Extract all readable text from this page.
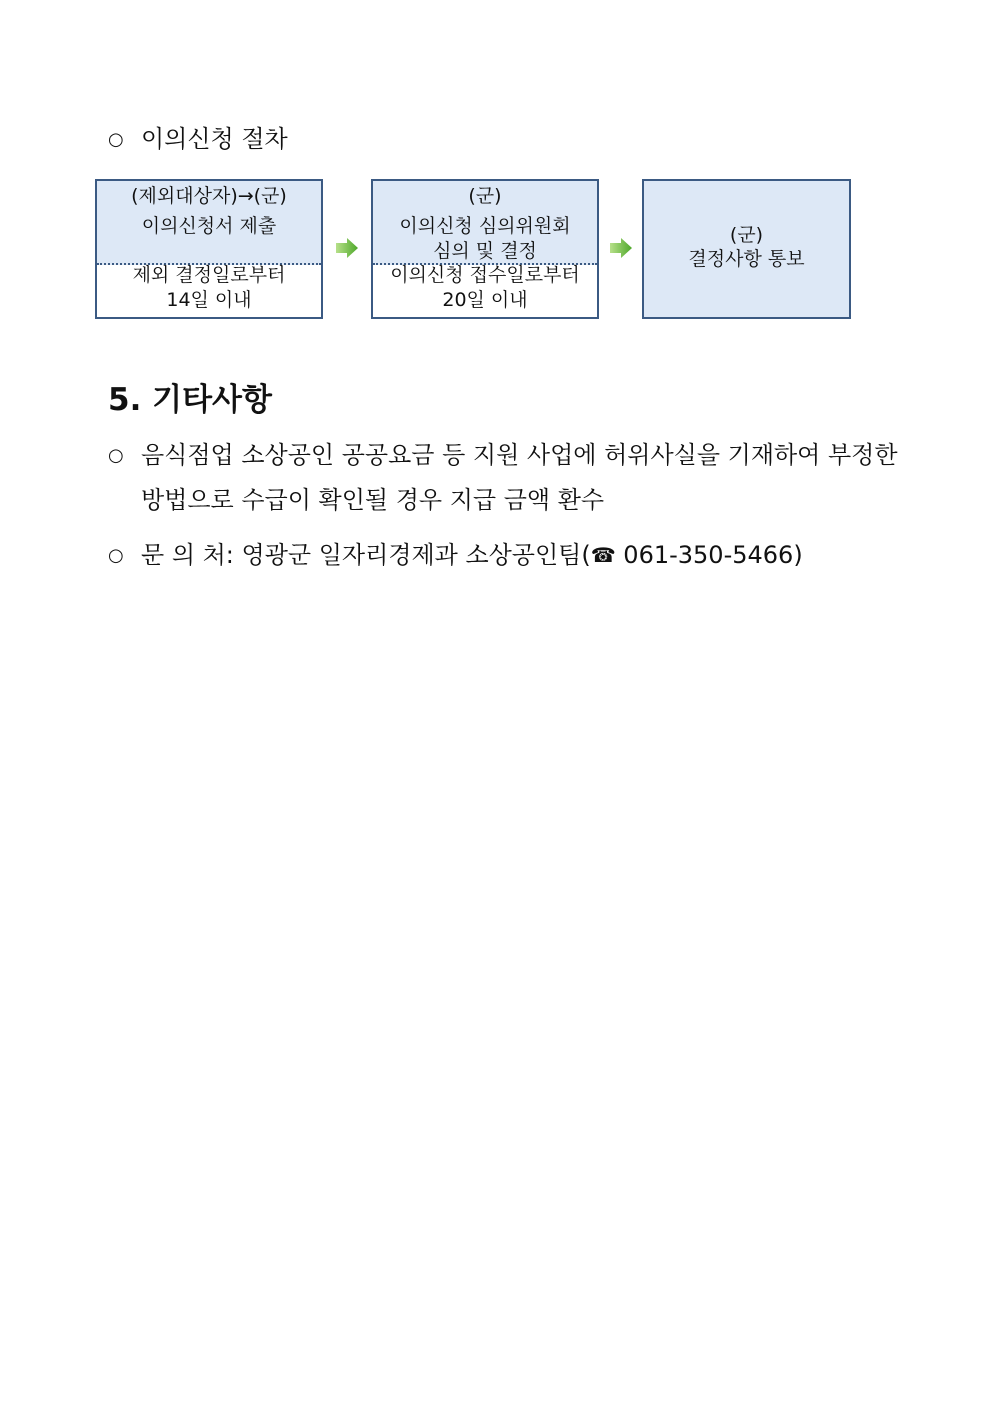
○ 이의신청 절차
(제외대상자)→(군)
이의신청서 제출
제외 결정일로부터
14일 이내
(군)
이의신청 심의위원회
심의 및 결정
이의신청 접수일로부터
20일 이내
(군)
결정사항 통보
5. 기타사항
○ 음식점업 소상공인 공공요금 등 지원 사업에 허위사실을 기재하여 부정한
방법으로 수급이 확인될 경우 지급 금액 환수
○ 문 의 처: 영광군 일자리경제과 소상공인팀(☎ 061-350-5466)
